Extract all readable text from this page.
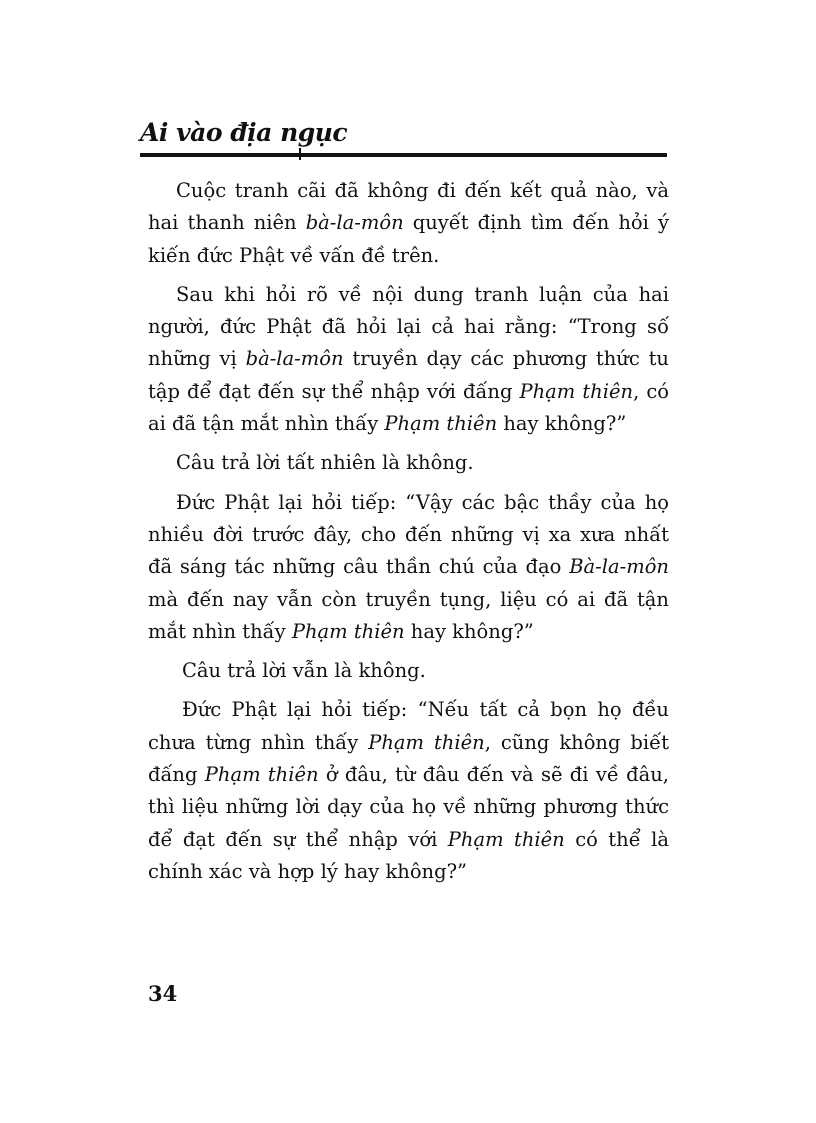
Ai vào địa ngục

Cuộc tranh cãi đã không đi đến kết quả nào, và hai thanh niên bà-la-môn quyết định tìm đến hỏi ý kiến đức Phật về vấn đề trên.

Sau khi hỏi rõ về nội dung tranh luận của hai người, đức Phật đã hỏi lại cả hai rằng: “Trong số những vị bà-la-môn truyền dạy các phương thức tu tập để đạt đến sự thể nhập với đấng Phạm thiên, có ai đã tận mắt nhìn thấy Phạm thiên hay không?”

Câu trả lời tất nhiên là không.

Đức Phật lại hỏi tiếp: “Vậy các bậc thầy của họ nhiều đời trước đây, cho đến những vị xa xưa nhất đã sáng tác những câu thần chú của đạo Bà-la-môn mà đến nay vẫn còn truyền tụng, liệu có ai đã tận mắt nhìn thấy Phạm thiên hay không?”

Câu trả lời vẫn là không.

Đức Phật lại hỏi tiếp: “Nếu tất cả bọn họ đều chưa từng nhìn thấy Phạm thiên, cũng không biết đấng Phạm thiên ở đâu, từ đâu đến và sẽ đi về đâu, thì liệu những lời dạy của họ về những phương thức để đạt đến sự thể nhập với Phạm thiên có thể là chính xác và hợp lý hay không?”

34
